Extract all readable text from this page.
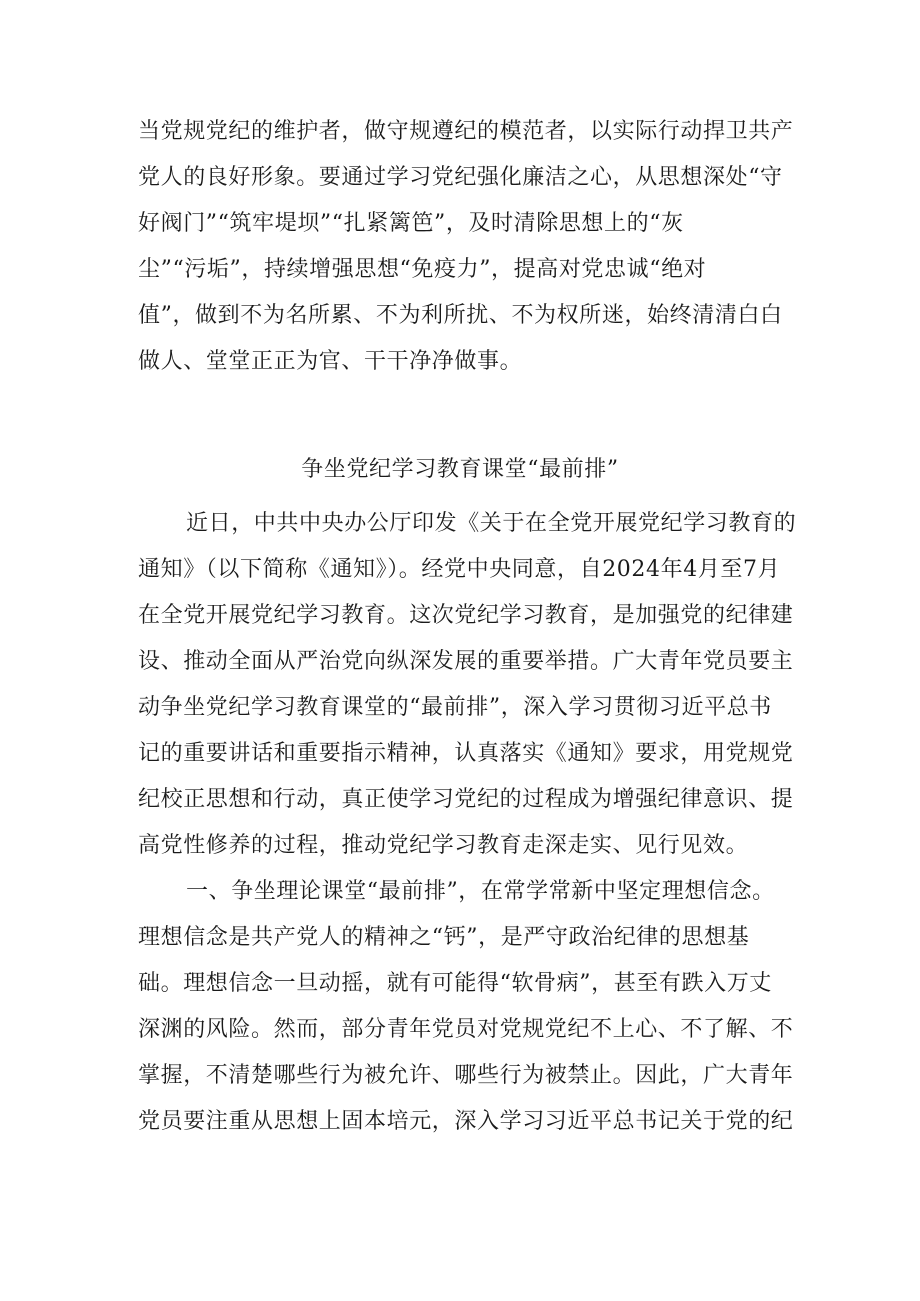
当党规党纪的维护者，做守规遵纪的模范者，以实际行动捍卫共产
党人的良好形象。要通过学习党纪强化廉洁之心，从思想深处“守
好阀门”“筑牢堤坝”“扎紧篱笆”，及时清除思想上的“灰
尘”“污垢”，持续增强思想“免疫力”，提高对党忠诚“绝对
值”，做到不为名所累、不为利所扰、不为权所迷，始终清清白白
做人、堂堂正正为官、干干净净做事。
争坐党纪学习教育课堂“最前排”
近日，中共中央办公厅印发《关于在全党开展党纪学习教育的
通知》（以下简称《通知》）。经党中央同意，自2024年4月至7月
在全党开展党纪学习教育。这次党纪学习教育，是加强党的纪律建
设、推动全面从严治党向纵深发展的重要举措。广大青年党员要主
动争坐党纪学习教育课堂的“最前排”，深入学习贯彻习近平总书
记的重要讲话和重要指示精神，认真落实《通知》要求，用党规党
纪校正思想和行动，真正使学习党纪的过程成为增强纪律意识、提
高党性修养的过程，推动党纪学习教育走深走实、见行见效。
一、争坐理论课堂“最前排”，在常学常新中坚定理想信念。
理想信念是共产党人的精神之“钙”，是严守政治纪律的思想基
础。理想信念一旦动摇，就有可能得“软骨病”，甚至有跌入万丈
深渊的风险。然而，部分青年党员对党规党纪不上心、不了解、不
掌握，不清楚哪些行为被允许、哪些行为被禁止。因此，广大青年
党员要注重从思想上固本培元，深入学习习近平总书记关于党的纪
